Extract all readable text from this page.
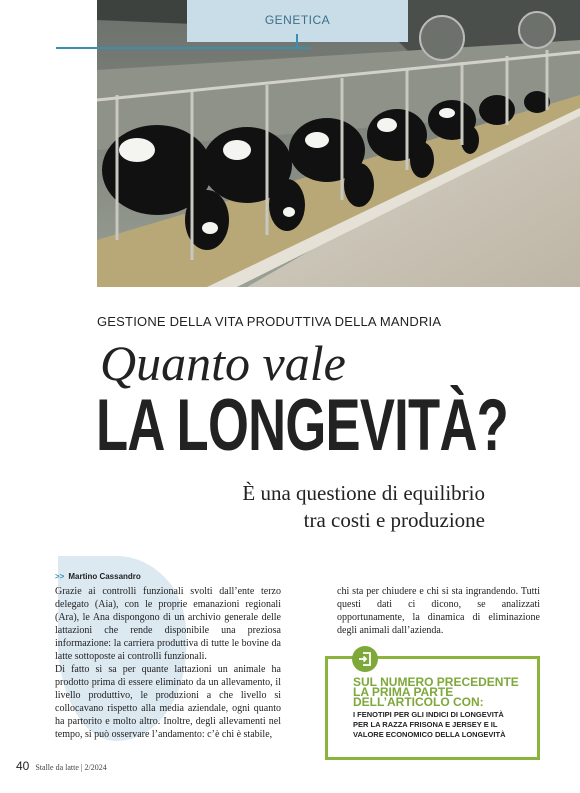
GENETICA
GESTIONE DELLA VITA PRODUTTIVA DELLA MANDRIA
Quanto vale
LA LONGEVITÀ?
È una questione di equilibrio
tra costi e produzione
>> Martino Cassandro

Grazie ai controlli funzionali svolti dall’ente terzo delegato (Aia), con le proprie emanazioni regionali (Ara), le Ana dispongono di un archivio generale delle lattazioni che rende disponibile una preziosa informazione: la carriera produttiva di tutte le bovine da latte sottoposte ai controlli funzionali.

Di fatto si sa per quante lattazioni un animale ha prodotto prima di essere eliminato da un allevamento, il livello produttivo, le produzioni a che livello si collocavano rispetto alla media aziendale, ogni quanto ha partorito e molto altro. Inoltre, degli allevamenti nel tempo, si può osservare l’andamento: c’è chi è stabile,

chi sta per chiudere e chi si sta ingrandendo. Tutti questi dati ci dicono, se analizzati opportunamente, la dinamica di eliminazione degli animali dall’azienda.

SUL NUMERO PRECEDENTE
LA PRIMA PARTE
DELL’ARTICOLO CON:
I FENOTIPI PER GLI INDICI DI LONGEVITÀ
PER LA RAZZA FRISONA E JERSEY E IL
VALORE ECONOMICO DELLA LONGEVITÀ
40 Stalle da latte | 2/2024
